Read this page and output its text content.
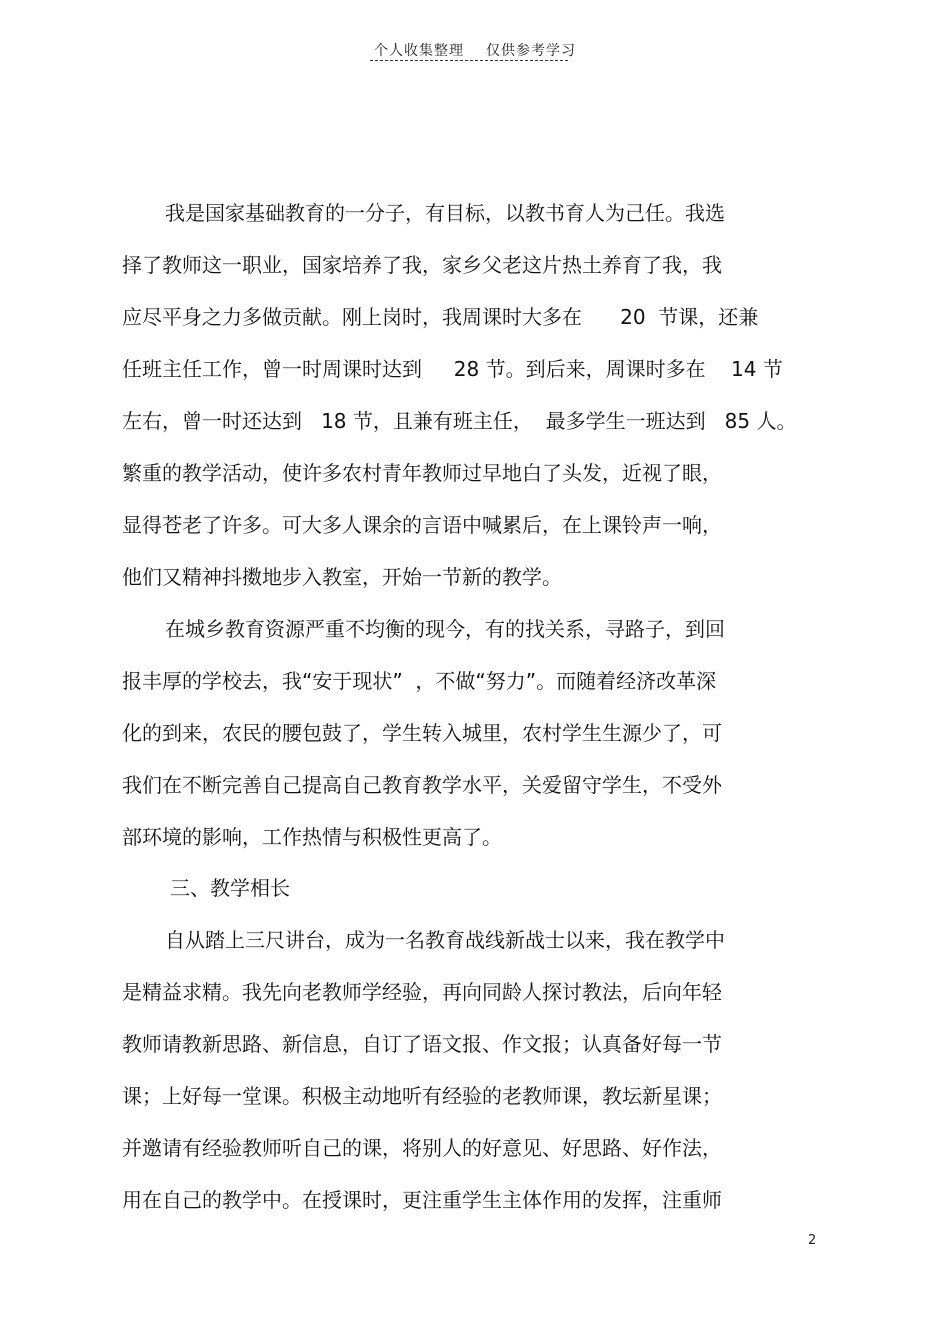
个人收集整理 仅供参考学习
我是国家基础教育的一分子，有目标，以教书育人为己任。我选
择了教师这一职业，国家培养了我，家乡父老这片热土养育了我，我
应尽平身之力多做贡献。刚上岗时，我周课时大多在      20  节课，还兼
任班主任工作，曾一时周课时达到     28 节。到后来，周课时多在    14 节
左右，曾一时还达到   18 节，且兼有班主任，  最多学生一班达到   85 人。
繁重的教学活动，使许多农村青年教师过早地白了头发，近视了眼，
显得苍老了许多。可大多人课余的言语中喊累后，在上课铃声一响，
他们又精神抖擞地步入教室，开始一节新的教学。
在城乡教育资源严重不均衡的现今，有的找关系，寻路子，到回
报丰厚的学校去，我“安于现状”  ，不做“努力”。而随着经济改革深
化的到来，农民的腰包鼓了，学生转入城里，农村学生生源少了，可
我们在不断完善自己提高自己教育教学水平，关爱留守学生，不受外
部环境的影响，工作热情与积极性更高了。
三、教学相长
自从踏上三尺讲台，成为一名教育战线新战士以来，我在教学中
是精益求精。我先向老教师学经验，再向同龄人探讨教法，后向年轻
教师请教新思路、新信息，自订了语文报、作文报；认真备好每一节
课；上好每一堂课。积极主动地听有经验的老教师课，教坛新星课；
并邀请有经验教师听自己的课，将别人的好意见、好思路、好作法，
用在自己的教学中。在授课时，更注重学生主体作用的发挥，注重师
2
